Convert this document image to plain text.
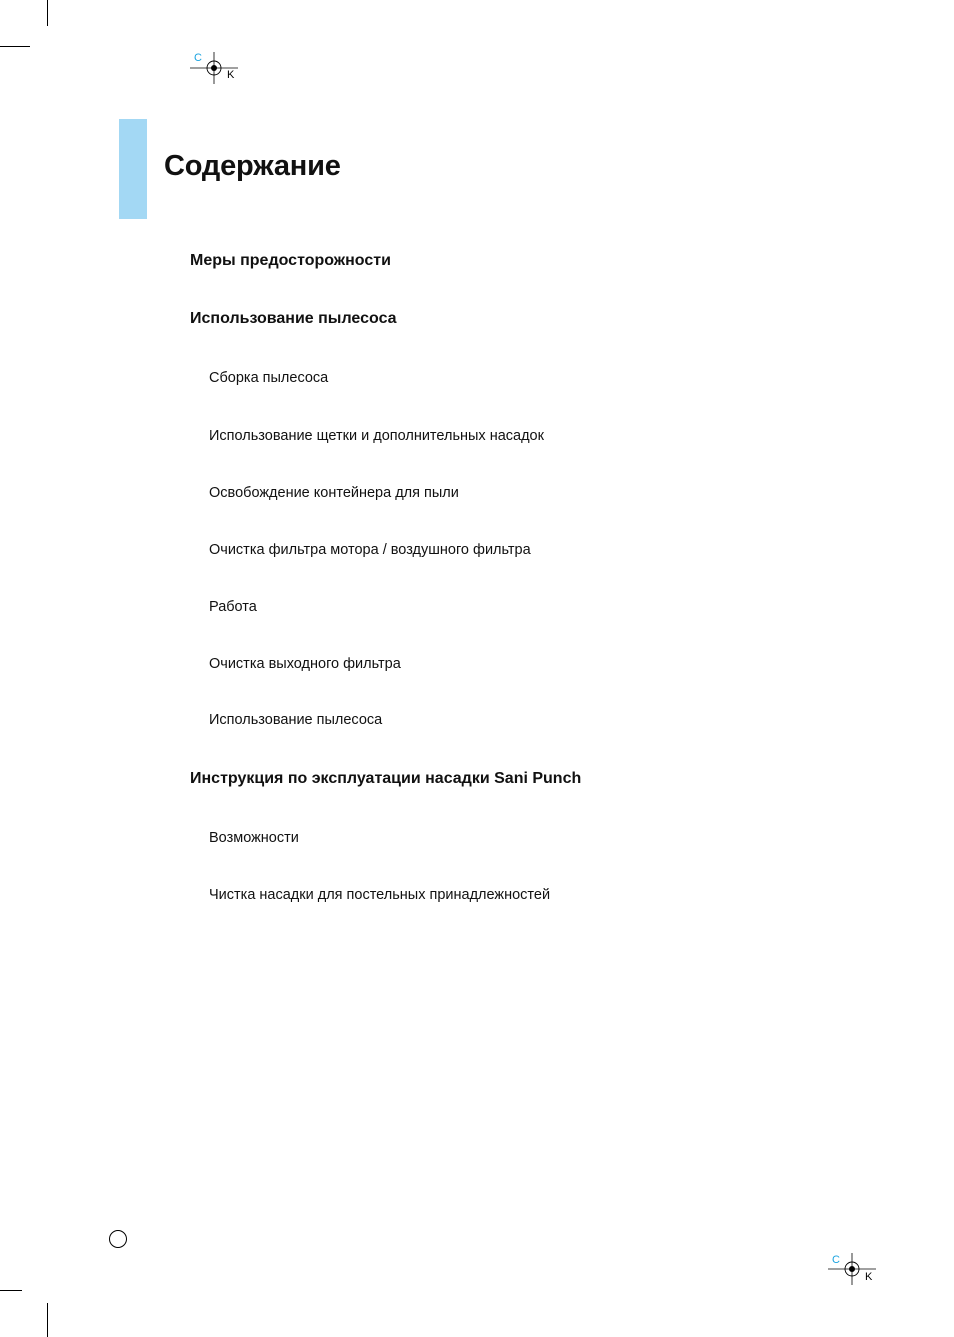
C
K
C
K
Содержание
Меры предосторожности
Использование пылесоса
Сборка пылесоса
Использование щетки и дополнительных насадок
Освобождение контейнера для пыли
Очистка фильтра мотора / воздушного фильтра
Работа
Очистка выходного фильтра
Использование пылесоса
Инструкция по эксплуатации насадки Sani Punch
Возможности
Чистка насадки для постельных принадлежностей
